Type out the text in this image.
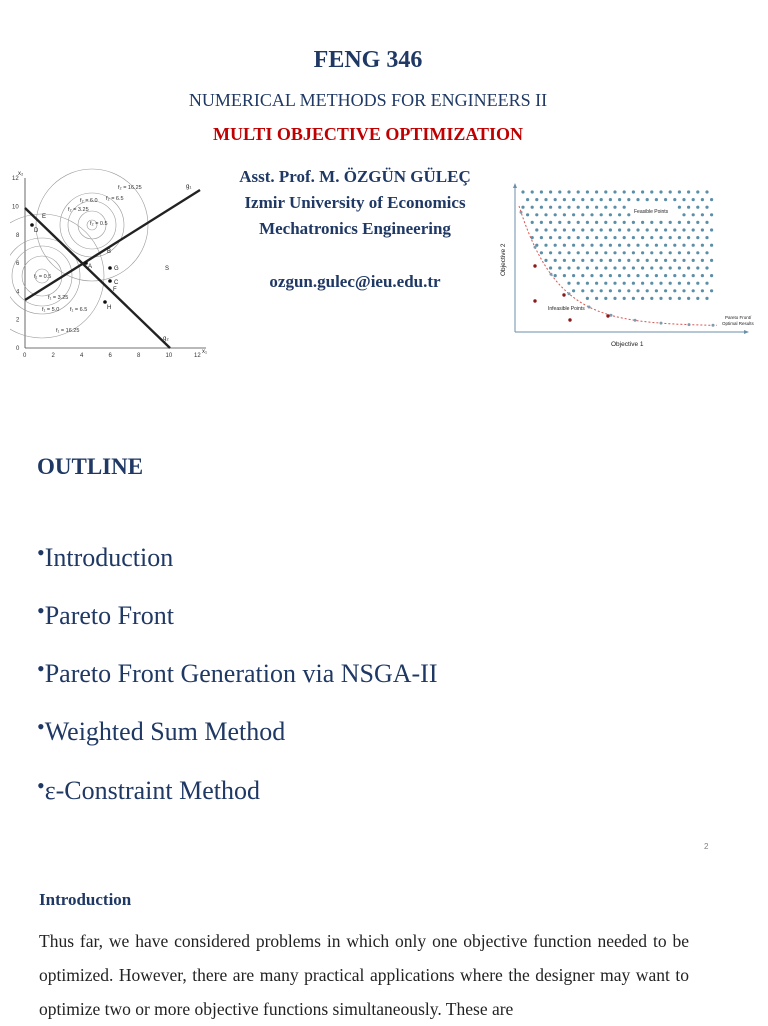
FENG 346
NUMERICAL METHODS FOR ENGINEERS II
MULTI OBJECTIVE OPTIMIZATION
Asst. Prof. M. ÖZGÜN GÜLEÇ
Izmir University of Economics
Mechatronics Engineering
ozgun.gulec@ieu.edu.tr
0	2	4	6	8	10	12
0
2
4
6
8
10
12
x₁
x₂
f₂ = 16.25
f₂ = 6.5
f₂ = 6.0
f₂ = 3.25
f₂ = 0.5
f₁ = 0.5
f₁ = 3.25
f₁ = 5.0 f₁ = 6.5
f₁ = 16.25
D
E
A
B
G
C
F
H
g₁
g₂
S
Feasible Points
Infeasible Points
Pareto Front/
Optimal Results
Objective 1
Objective 2
OUTLINE
•Introduction
•Pareto Front
•Pareto Front Generation via NSGA-II
•Weighted Sum Method
•ε-Constraint Method
2
Introduction
Thus far, we have considered problems in which only one objective function needed to be optimized. However, there are many practical applications where the designer may want to optimize two or more objective functions simultaneously. These are
